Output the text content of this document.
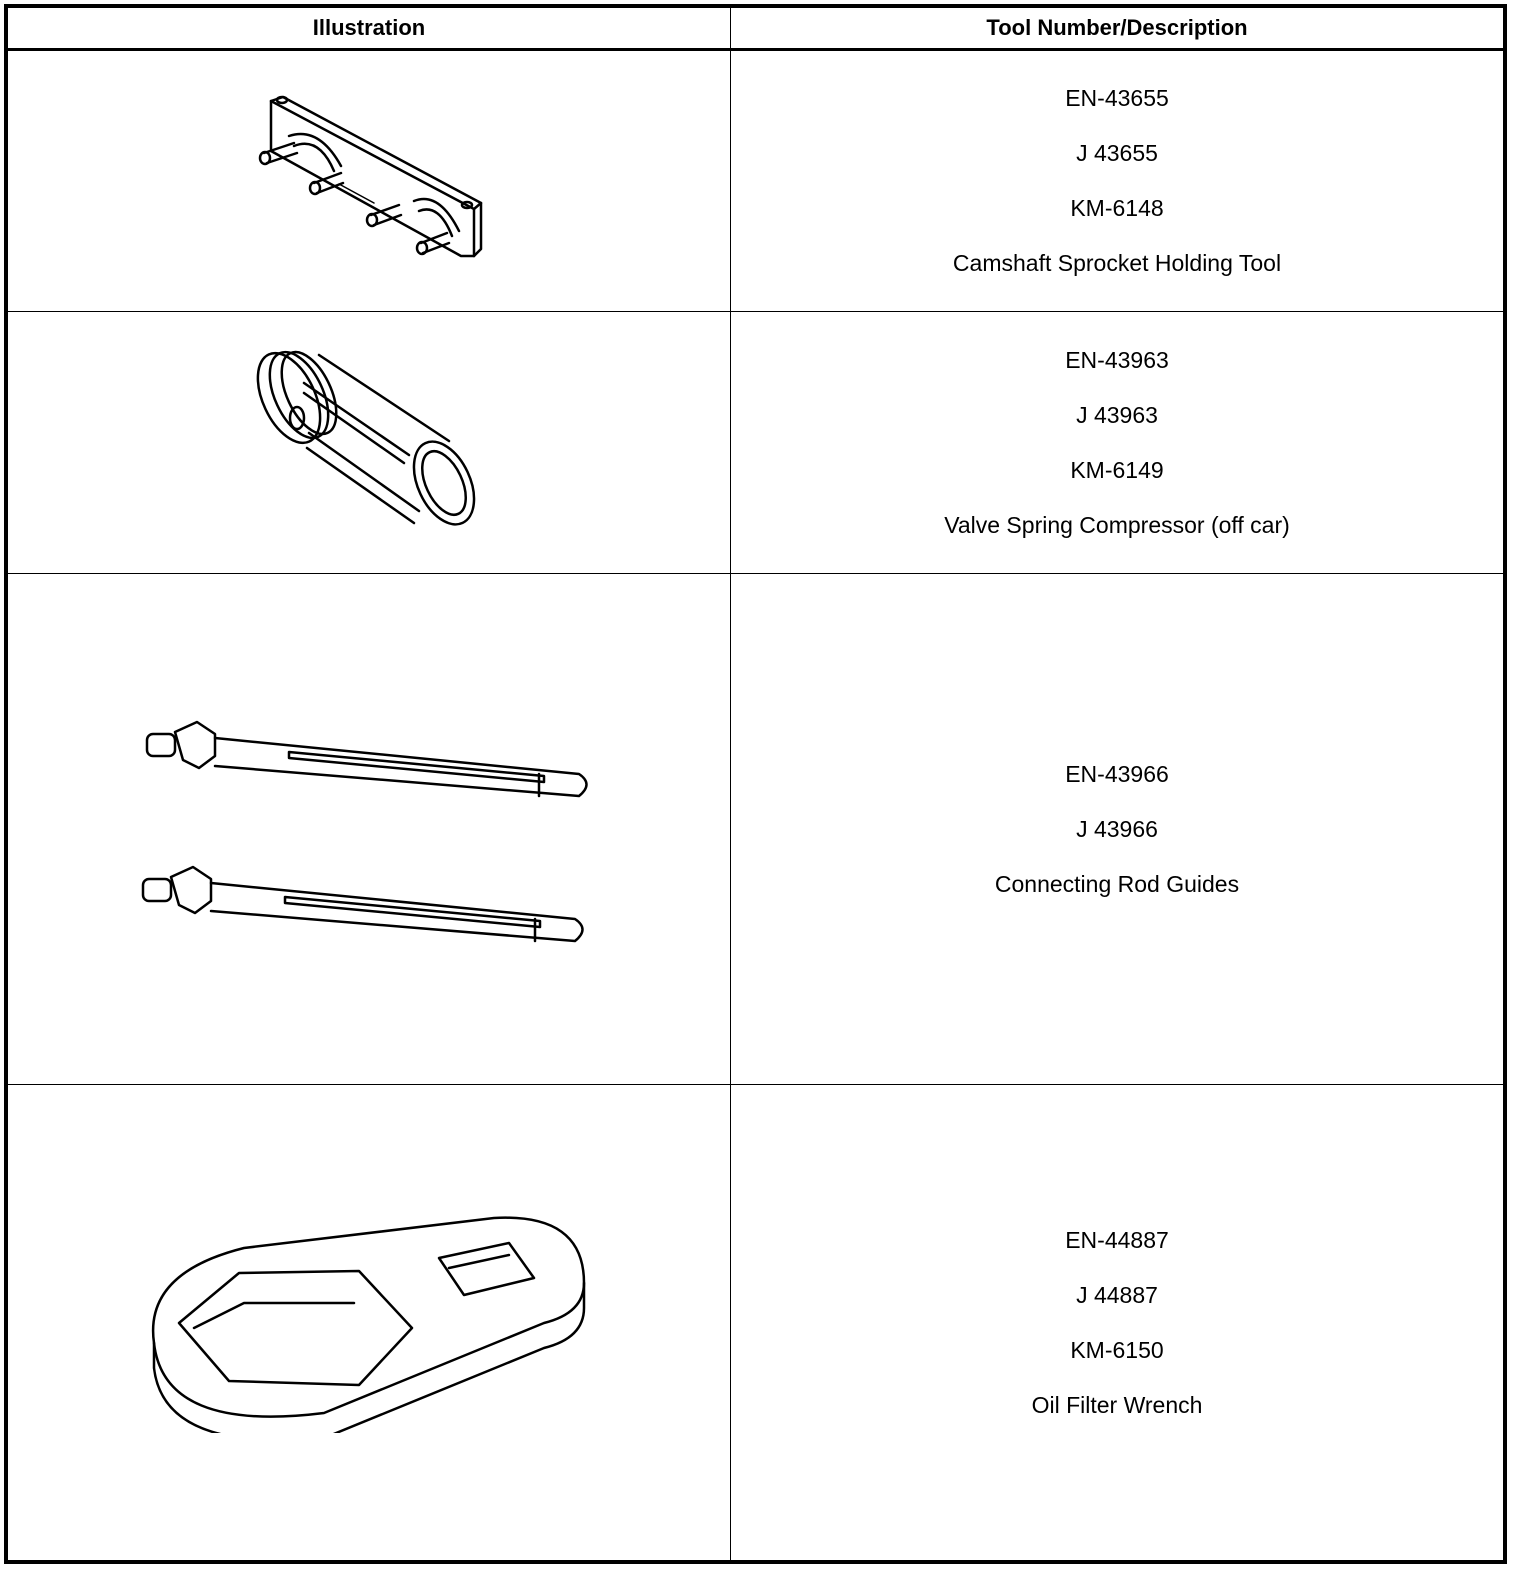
Illustration	Tool Number/Description

EN-43655
J 43655
KM-6148
Camshaft Sprocket Holding Tool

EN-43963
J 43963
KM-6149
Valve Spring Compressor (off car)

EN-43966
J 43966
Connecting Rod Guides

EN-44887
J 44887
KM-6150
Oil Filter Wrench
